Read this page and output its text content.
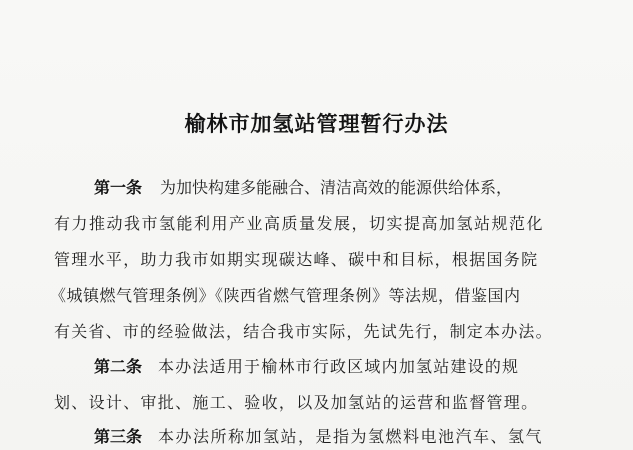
榆林市加氢站管理暂行办法
第一条 为加快构建多能融合、清洁高效的能源供给体系，
有力推动我市氢能利用产业高质量发展，切实提高加氢站规范化
管理水平，助力我市如期实现碳达峰、碳中和目标，根据国务院
《城镇燃气管理条例》《陕西省燃气管理条例》等法规，借鉴国内
有关省、市的经验做法，结合我市实际，先试先行，制定本办法。
第二条 本办法适用于榆林市行政区域内加氢站建设的规
划、设计、审批、施工、验收，以及加氢站的运营和监督管理。
第三条 本办法所称加氢站，是指为氢燃料电池汽车、氢气
